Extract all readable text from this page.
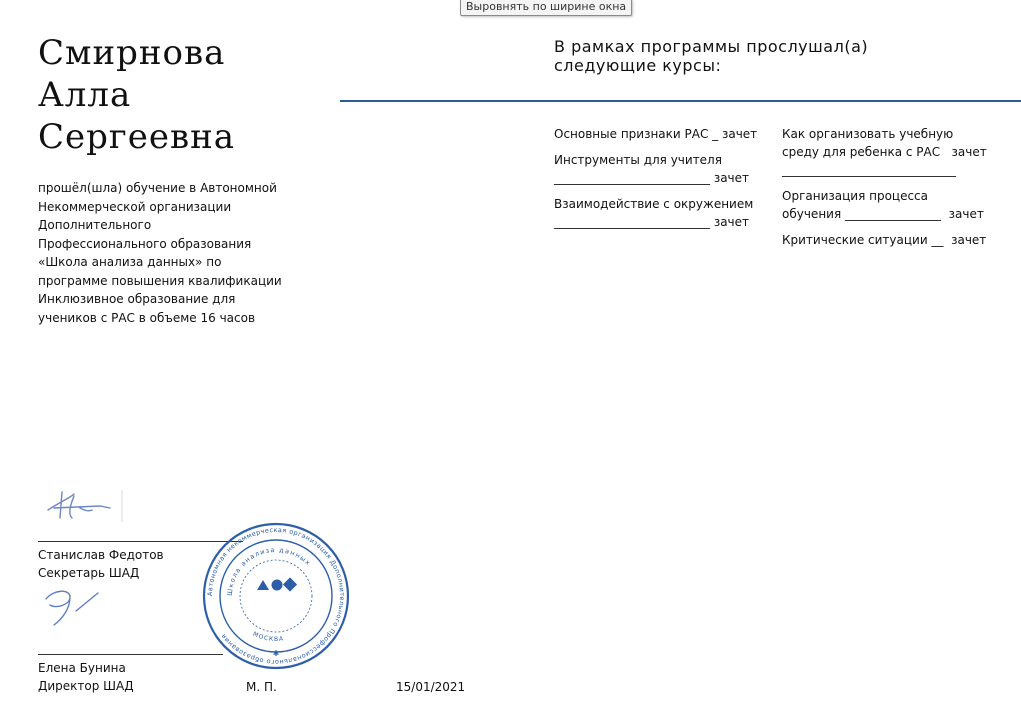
Выровнять по ширине окна
Смирнова
Алла
Сергеевна
прошёл(шла) обучение в Автономной Некоммерческой организации Дополнительного Профессионального образования «Школа анализа данных» по программе повышения квалификации Инклюзивное образование для учеников с РАС в объеме 16 часов
В рамках программы прослушал(а)
следующие курсы:
Основные признаки РАС _ зачет
Инструменты для учителя
__________________________ зачет
Взаимодействие с окружением
__________________________ зачет
Как организовать учебную
среду для ребенка с РАС   зачет
_____________________________
Организация процесса
обучения ________________  зачет
Критические ситуации __  зачет
Станислав Федотов
Секретарь ШАД
Елена Бунина
Директор ШАД	М. П.	15/01/2021
Автономная некоммерческая организация Дополнительного Профессионального образования
Школа анализа данных
МОСКВА
✱
